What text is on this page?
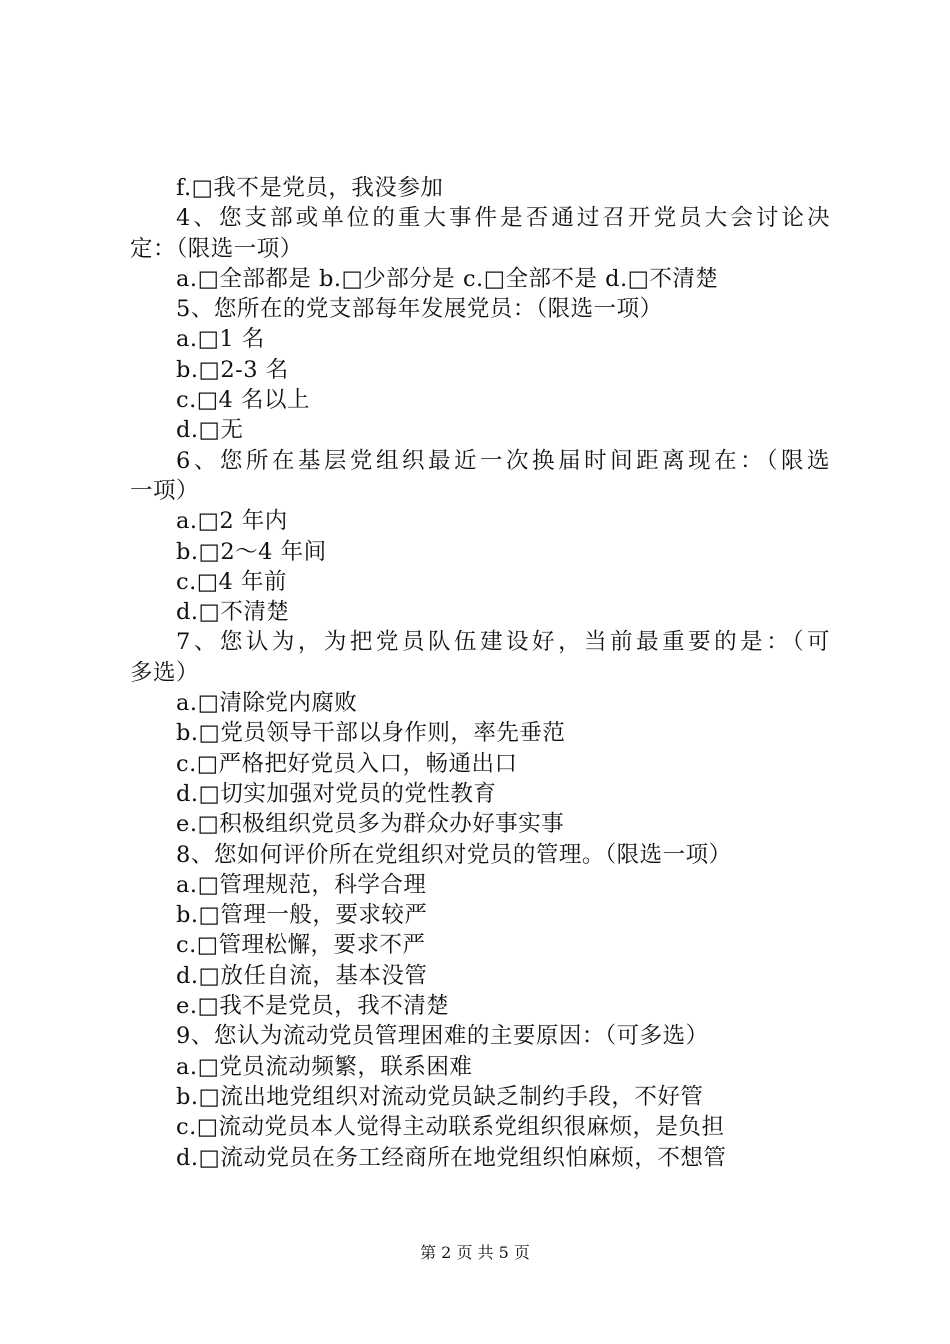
f.□我不是党员，我没参加
4、您支部或单位的重大事件是否通过召开党员大会讨论决
定：（限选一项）
a.□全部都是 b.□少部分是 c.□全部不是 d.□不清楚
5、您所在的党支部每年发展党员：（限选一项）
a.□1 名
b.□2-3 名
c.□4 名以上
d.□无
6、您所在基层党组织最近一次换届时间距离现在：（限选
一项）
a.□2 年内
b.□2～4 年间
c.□4 年前
d.□不清楚
7、您认为，为把党员队伍建设好，当前最重要的是：（可
多选）
a.□清除党内腐败
b.□党员领导干部以身作则，率先垂范
c.□严格把好党员入口，畅通出口
d.□切实加强对党员的党性教育
e.□积极组织党员多为群众办好事实事
8、您如何评价所在党组织对党员的管理。（限选一项）
a.□管理规范，科学合理
b.□管理一般，要求较严
c.□管理松懈，要求不严
d.□放任自流，基本没管
e.□我不是党员，我不清楚
9、您认为流动党员管理困难的主要原因：（可多选）
a.□党员流动频繁，联系困难
b.□流出地党组织对流动党员缺乏制约手段，不好管
c.□流动党员本人觉得主动联系党组织很麻烦，是负担
d.□流动党员在务工经商所在地党组织怕麻烦，不想管
第 2 页 共 5 页
